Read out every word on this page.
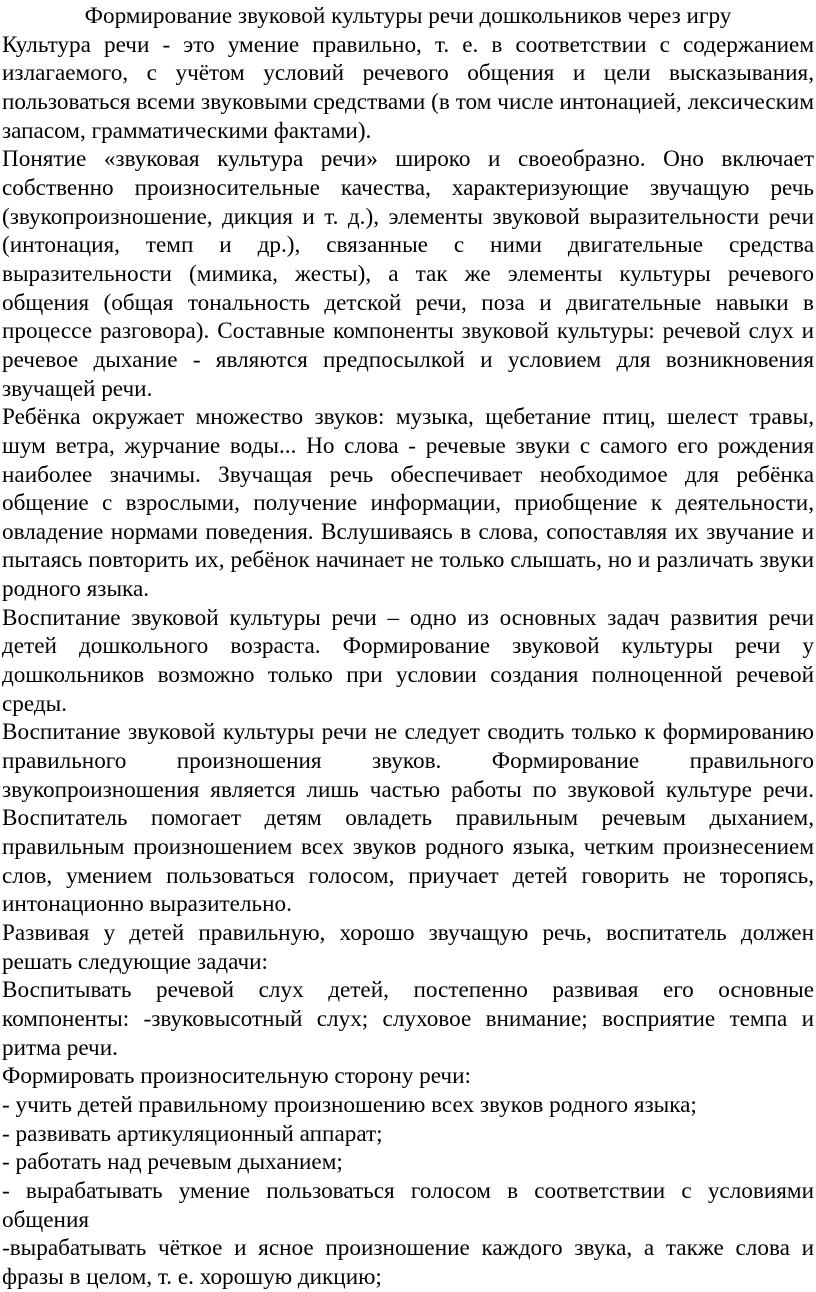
Формирование звуковой культуры речи дошкольников через игру

Культура речи - это умение правильно, т. е. в соответствии с содержанием излагаемого, с учётом условий речевого общения и цели высказывания, пользоваться всеми звуковыми средствами (в том числе интонацией, лексическим запасом, грамматическими фактами).

Понятие «звуковая культура речи» широко и своеобразно. Оно включает собственно произносительные качества, характеризующие звучащую речь (звукопроизношение, дикция и т. д.), элементы звуковой выразительности речи (интонация, темп и др.), связанные с ними двигательные средства выразительности (мимика, жесты), а так же элементы культуры речевого общения (общая тональность детской речи, поза и двигательные навыки в процессе разговора). Составные компоненты звуковой культуры: речевой слух и речевое дыхание - являются предпосылкой и условием для возникновения звучащей речи.

Ребёнка окружает множество звуков: музыка, щебетание птиц, шелест травы, шум ветра, журчание воды... Но слова - речевые звуки с самого его рождения наиболее значимы. Звучащая речь обеспечивает необходимое для ребёнка общение с взрослыми, получение информации, приобщение к деятельности, овладение нормами поведения. Вслушиваясь в слова, сопоставляя их звучание и пытаясь повторить их, ребёнок начинает не только слышать, но и различать звуки родного языка.

Воспитание звуковой культуры речи – одно из основных задач развития речи детей дошкольного возраста. Формирование звуковой культуры речи у дошкольников возможно только при условии создания полноценной речевой среды.

Воспитание звуковой культуры речи не следует сводить только к формированию правильного произношения звуков. Формирование правильного звукопроизношения является лишь частью работы по звуковой культуре речи. Воспитатель помогает детям овладеть правильным речевым дыханием, правильным произношением всех звуков родного языка, четким произнесением слов, умением пользоваться голосом, приучает детей говорить не торопясь, интонационно выразительно.

Развивая у детей правильную, хорошо звучащую речь, воспитатель должен решать следующие задачи:

Воспитывать речевой слух детей, постепенно развивая его основные компоненты: -звуковысотный слух; слуховое внимание; восприятие темпа и ритма речи.

Формировать произносительную сторону речи:

- учить детей правильному произношению всех звуков родного языка;

- развивать артикуляционный аппарат;

- работать над речевым дыханием;

- вырабатывать умение пользоваться голосом в соответствии с условиями общения

-вырабатывать чёткое и ясное произношение каждого звука, а также слова и фразы в целом, т. е. хорошую дикцию;
